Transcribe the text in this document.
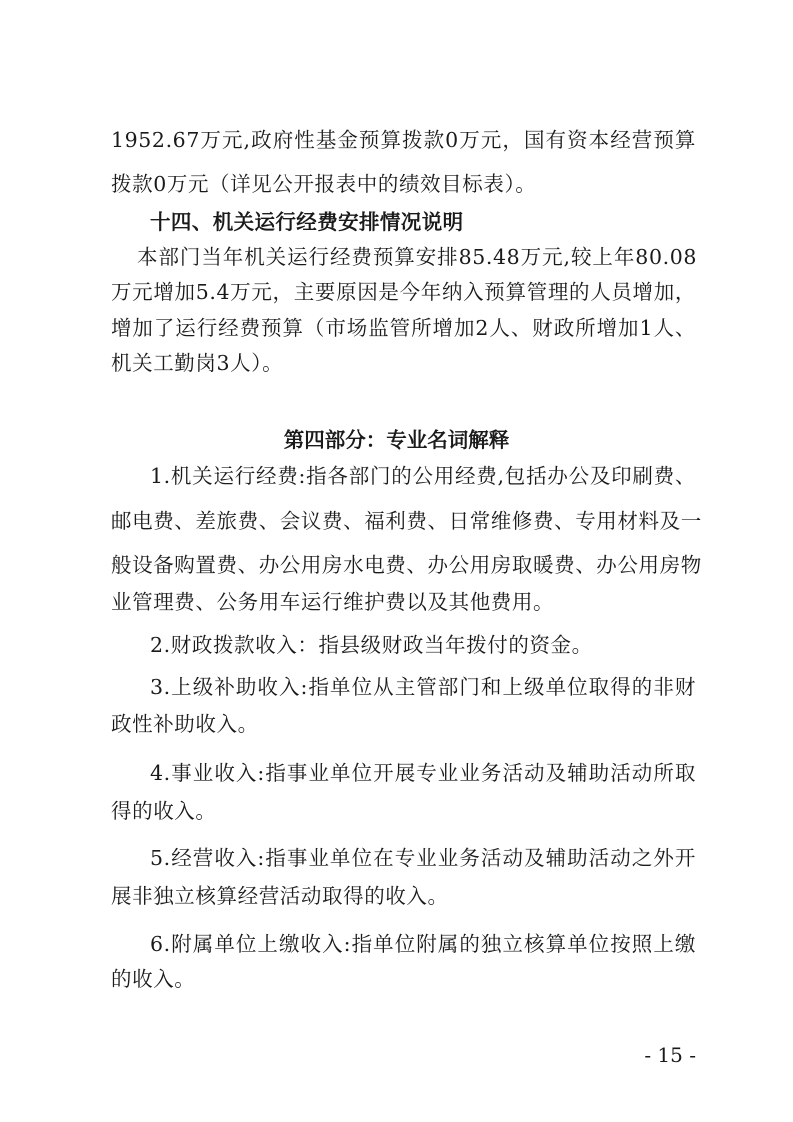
1952.67万元,政府性基金预算拨款0万元，国有资本经营预算
拨款0万元（详见公开报表中的绩效目标表）。
十四、机关运行经费安排情况说明
本部门当年机关运行经费预算安排85.48万元,较上年80.08
万元增加5.4万元，主要原因是今年纳入预算管理的人员增加，
增加了运行经费预算（市场监管所增加2人、财政所增加1人、
机关工勤岗3人）。
第四部分：专业名词解释
1.机关运行经费:指各部门的公用经费,包括办公及印刷费、
邮电费、差旅费、会议费、福利费、日常维修费、专用材料及一
般设备购置费、办公用房水电费、办公用房取暖费、办公用房物
业管理费、公务用车运行维护费以及其他费用。
2.财政拨款收入：指县级财政当年拨付的资金。
3.上级补助收入:指单位从主管部门和上级单位取得的非财
政性补助收入。
4.事业收入:指事业单位开展专业业务活动及辅助活动所取
得的收入。
5.经营收入:指事业单位在专业业务活动及辅助活动之外开
展非独立核算经营活动取得的收入。
6.附属单位上缴收入:指单位附属的独立核算单位按照上缴
的收入。
- 15 -
